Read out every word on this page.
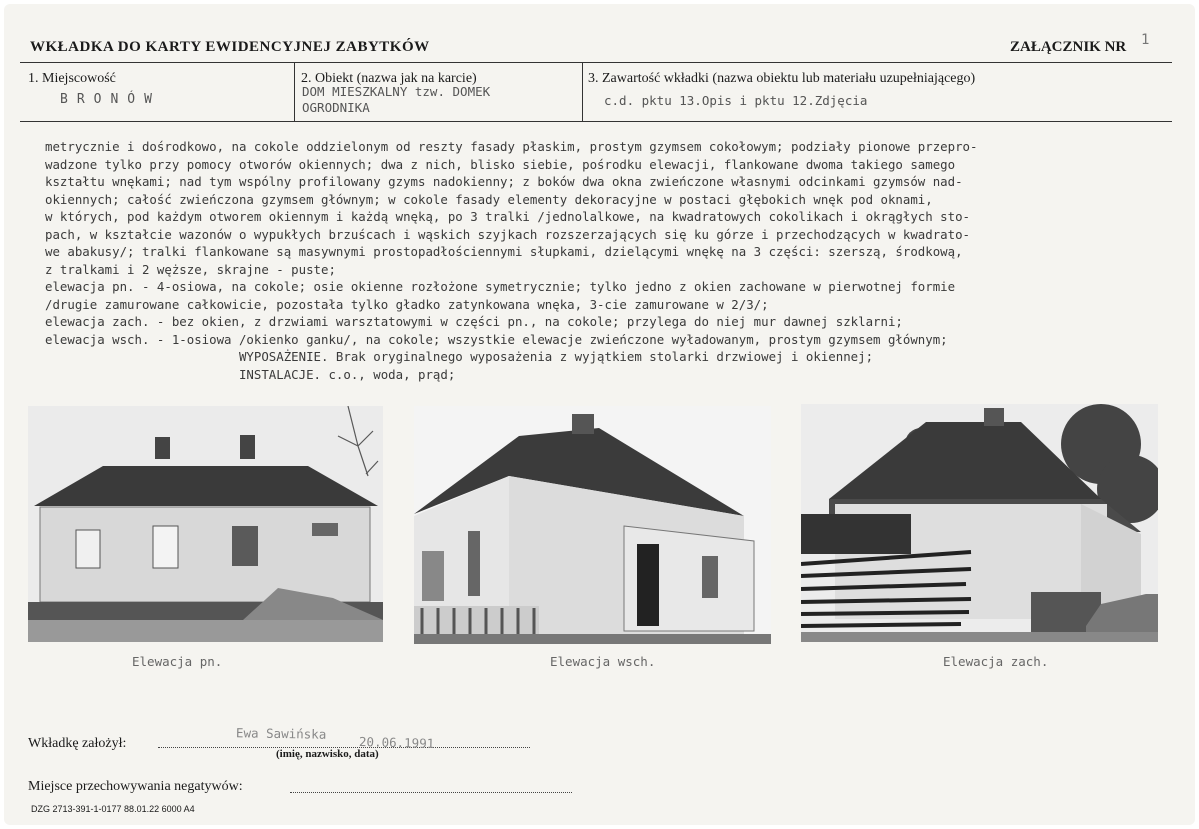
WKŁADKA DO KARTY EWIDENCYJNEJ ZABYTKÓW	ZAŁĄCZNIK NR 1
1. Miejscowość
BRONÓW
2. Obiekt (nazwa jak na karcie)
DOM MIESZKALNY tzw. DOMEK
OGRODNIKA
3. Zawartość wkładki (nazwa obiektu lub materiału uzupełniającego)
c.d. pktu 13.Opis i pktu 12.Zdjęcia
metrycznie i dośrodkowo, na cokole oddzielonym od reszty fasady płaskim, prostym gzymsem cokołowym; podziały pionowe przepro-
wadzone tylko przy pomocy otworów okiennych; dwa z nich, blisko siebie, pośrodku elewacji, flankowane dwoma takiego samego
kształtu wnękami; nad tym wspólny profilowany gzyms nadokienny; z boków dwa okna zwieńczone własnymi odcinkami gzymsów nad-
okiennych; całość zwieńczona gzymsem głównym; w cokole fasady elementy dekoracyjne w postaci głębokich wnęk pod oknami,
w których, pod każdym otworem okiennym i każdą wnęką, po 3 tralki /jednolalkowe, na kwadratowych cokolikach i okrągłych sto-
pach, w kształcie wazonów o wypukłych brzuścach i wąskich szyjkach rozszerzających się ku górze i przechodzących w kwadrato-
we abakusy/; tralki flankowane są masywnymi prostopadłościennymi słupkami, dzielącymi wnękę na 3 części: szerszą, środkową,
z tralkami i 2 węższe, skrajne - puste;
elewacja pn. - 4-osiowa, na cokole; osie okienne rozłożone symetrycznie; tylko jedno z okien zachowane w pierwotnej formie
/drugie zamurowane całkowicie, pozostała tylko gładko zatynkowana wnęka, 3-cie zamurowane w 2/3/;
elewacja zach. - bez okien, z drzwiami warsztatowymi w części pn., na cokole; przylega do niej mur dawnej szklarni;
elewacja wsch. - 1-osiowa /okienko ganku/, na cokole; wszystkie elewacje zwieńczone wyładowanym, prostym gzymsem głównym;
WYPOSAŻENIE. Brak oryginalnego wyposażenia z wyjątkiem stolarki drzwiowej i okiennej;
INSTALACJE. c.o., woda, prąd;
Elewacja pn.	Elewacja wsch.	Elewacja zach.
Wkładkę założył:
Ewa Sawińska
20.06.1991
(imię, nazwisko, data)
Miejsce przechowywania negatywów:
DZG 2713-391-1-0177 88.01.22 6000 A4
